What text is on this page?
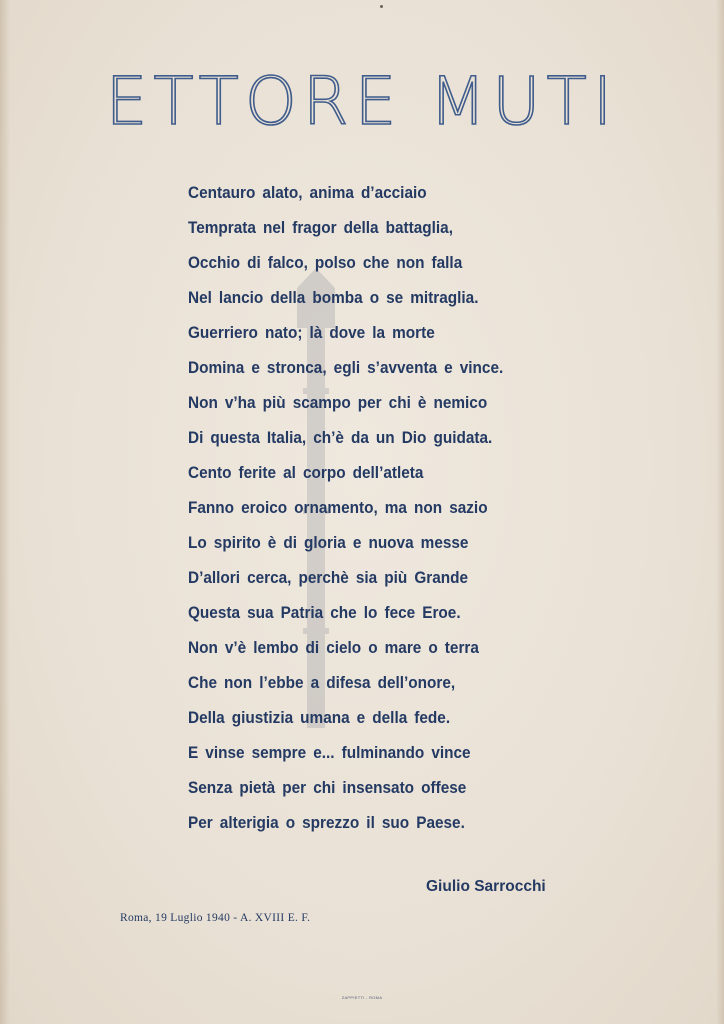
ETTORE MUTI
Centauro alato, anima d’acciaio
Temprata nel fragor della battaglia,
Occhio di falco, polso che non falla
Nel lancio della bomba o se mitraglia.
Guerriero nato; là dove la morte
Domina e stronca, egli s’avventa e vince.
Non v’ha più scampo per chi è nemico
Di questa Italia, ch’è da un Dio guidata.
Cento ferite al corpo dell’atleta
Fanno eroico ornamento, ma non sazio
Lo spirito è di gloria e nuova messe
D’allori cerca, perchè sia più Grande
Questa sua Patria che lo fece Eroe.
Non v’è lembo di cielo o mare o terra
Che non l’ebbe a difesa dell’onore,
Della giustizia umana e della fede.
E vinse sempre e... fulminando vince
Senza pietà per chi insensato offese
Per alterigia o sprezzo il suo Paese.
Giulio Sarrocchi
Roma, 19 Luglio 1940 - A. XVIII E. F.
ZAPPIETTI - ROMA
